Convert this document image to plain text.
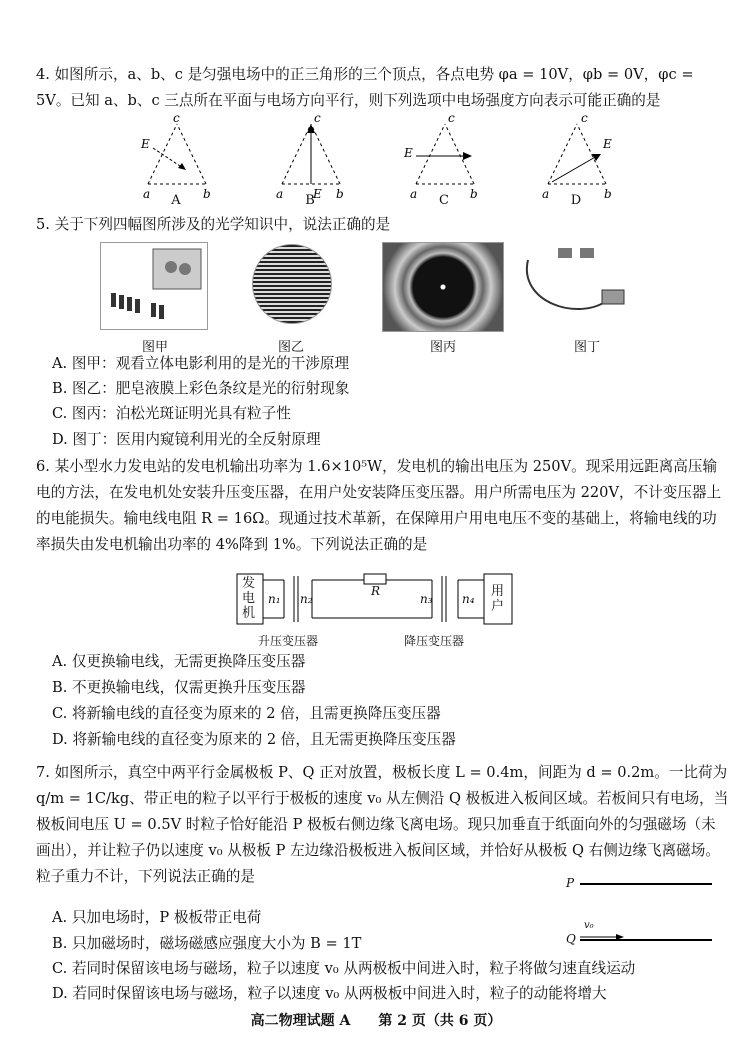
4. 如图所示，a、b、c 是匀强电场中的正三角形的三个顶点，各点电势 φa = 10V，φb = 0V，φc = 5V。已知 a、b、c 三点所在平面与电场方向平行，则下列选项中电场强度方向表示可能正确的是
E
c
a	b
c
a E b
E
c
a	b
c
E
a	b
A	B	C	D
5. 关于下列四幅图所涉及的光学知识中，说法正确的是
图甲	图乙	图丙	图丁
A. 图甲：观看立体电影利用的是光的干涉原理
B. 图乙：肥皂液膜上彩色条纹是光的衍射现象
C. 图丙：泊松光斑证明光具有粒子性
D. 图丁：医用内窥镜利用光的全反射原理
6. 某小型水力发电站的发电机输出功率为 1.6×10⁵W，发电机的输出电压为 250V。现采用远距离高压输电的方法，在发电机处安装升压变压器，在用户处安装降压变压器。用户所需电压为 220V，不计变压器上的电能损失。输电线电阻 R = 16Ω。现通过技术革新，在保障用户用电电压不变的基础上，将输电线的功率损失由发电机输出功率的 4%降到 1%。下列说法正确的是
发电机
用户
R
n₁ n₂	n₃ n₄
升压变压器	降压变压器
A. 仅更换输电线，无需更换降压变压器
B. 不更换输电线，仅需更换升压变压器
C. 将新输电线的直径变为原来的 2 倍，且需更换降压变压器
D. 将新输电线的直径变为原来的 2 倍，且无需更换降压变压器
7. 如图所示，真空中两平行金属极板 P、Q 正对放置，极板长度 L = 0.4m，间距为 d = 0.2m。一比荷为 q/m = 1C/kg、带正电的粒子以平行于极板的速度 v₀ 从左侧沿 Q 极板进入板间区域。若板间只有电场，当极板间电压 U = 0.5V 时粒子恰好能沿 P 极板右侧边缘飞离电场。现只加垂直于纸面向外的匀强磁场（未画出），并让粒子仍以速度 v₀ 从极板 P 左边缘沿极板进入板间区域，并恰好从极板 Q 右侧边缘飞离磁场。粒子重力不计，下列说法正确的是	P
Q
v₀
A. 只加电场时，P 极板带正电荷
B. 只加磁场时，磁场磁感应强度大小为 B = 1T
C. 若同时保留该电场与磁场，粒子以速度 v₀ 从两极板中间进入时，粒子将做匀速直线运动
D. 若同时保留该电场与磁场，粒子以速度 v₀ 从两极板中间进入时，粒子的动能将增大
高二物理试题 A　　第 2 页（共 6 页）
